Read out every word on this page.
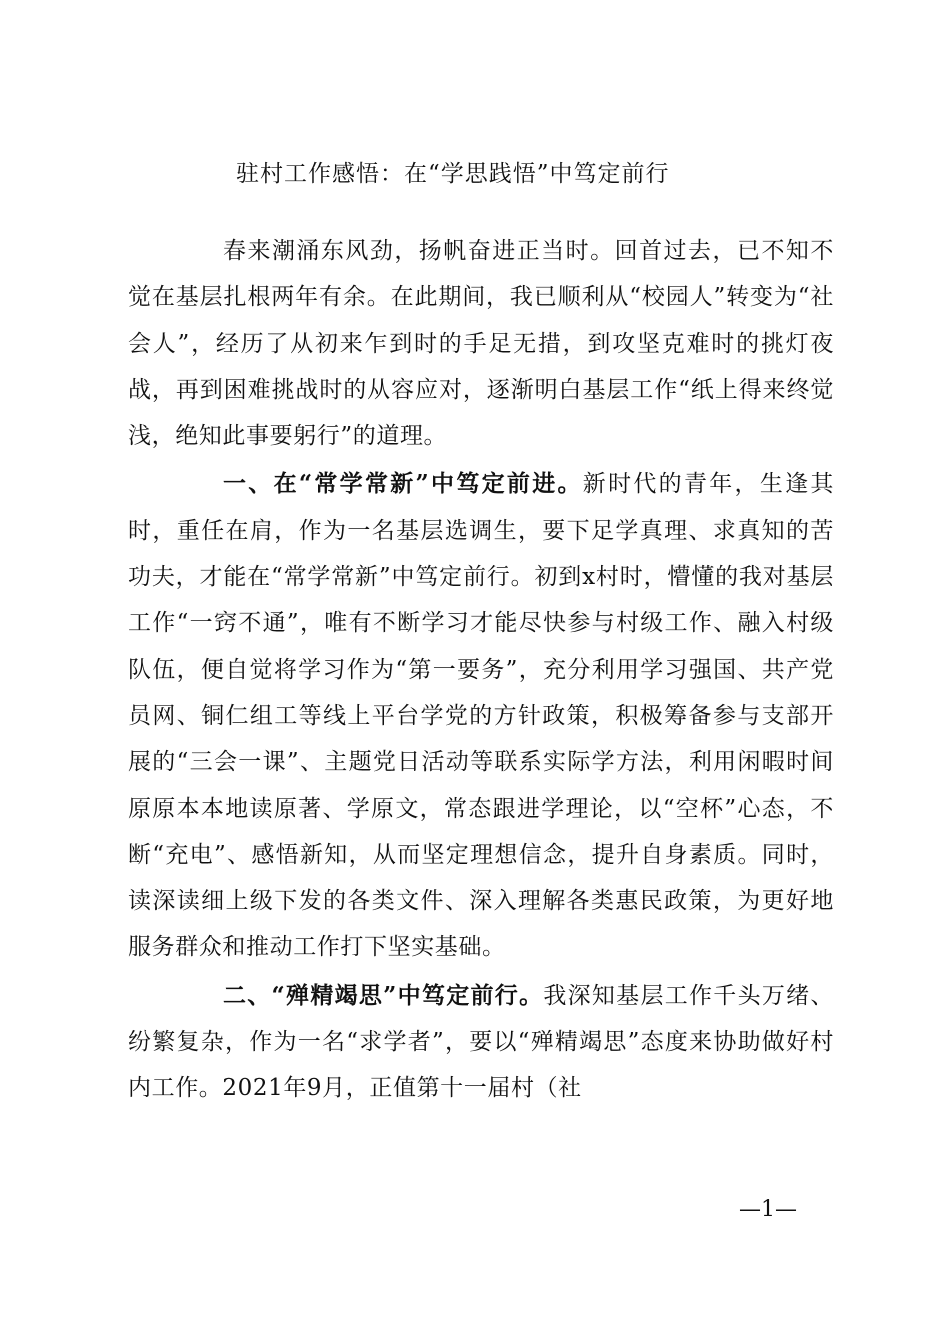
驻村工作感悟：在“学思践悟”中笃定前行

春来潮涌东风劲，扬帆奋进正当时。回首过去，已不知不觉在基层扎根两年有余。在此期间，我已顺利从“校园人”转变为“社会人”，经历了从初来乍到时的手足无措，到攻坚克难时的挑灯夜战，再到困难挑战时的从容应对，逐渐明白基层工作“纸上得来终觉浅，绝知此事要躬行”的道理。

一、在“常学常新”中笃定前进。新时代的青年，生逢其时，重任在肩，作为一名基层选调生，要下足学真理、求真知的苦功夫，才能在“常学常新”中笃定前行。初到x村时，懵懂的我对基层工作“一窍不通”，唯有不断学习才能尽快参与村级工作、融入村级队伍，便自觉将学习作为“第一要务”，充分利用学习强国、共产党员网、铜仁组工等线上平台学党的方针政策，积极筹备参与支部开展的“三会一课”、主题党日活动等联系实际学方法，利用闲暇时间原原本本地读原著、学原文，常态跟进学理论，以“空杯”心态，不断“充电”、感悟新知，从而坚定理想信念，提升自身素质。同时，读深读细上级下发的各类文件、深入理解各类惠民政策，为更好地服务群众和推动工作打下坚实基础。

二、“殚精竭思”中笃定前行。我深知基层工作千头万绪、纷繁复杂，作为一名“求学者”，要以“殚精竭思”态度来协助做好村内工作。2021年9月，正值第十一届村（社

—1—
